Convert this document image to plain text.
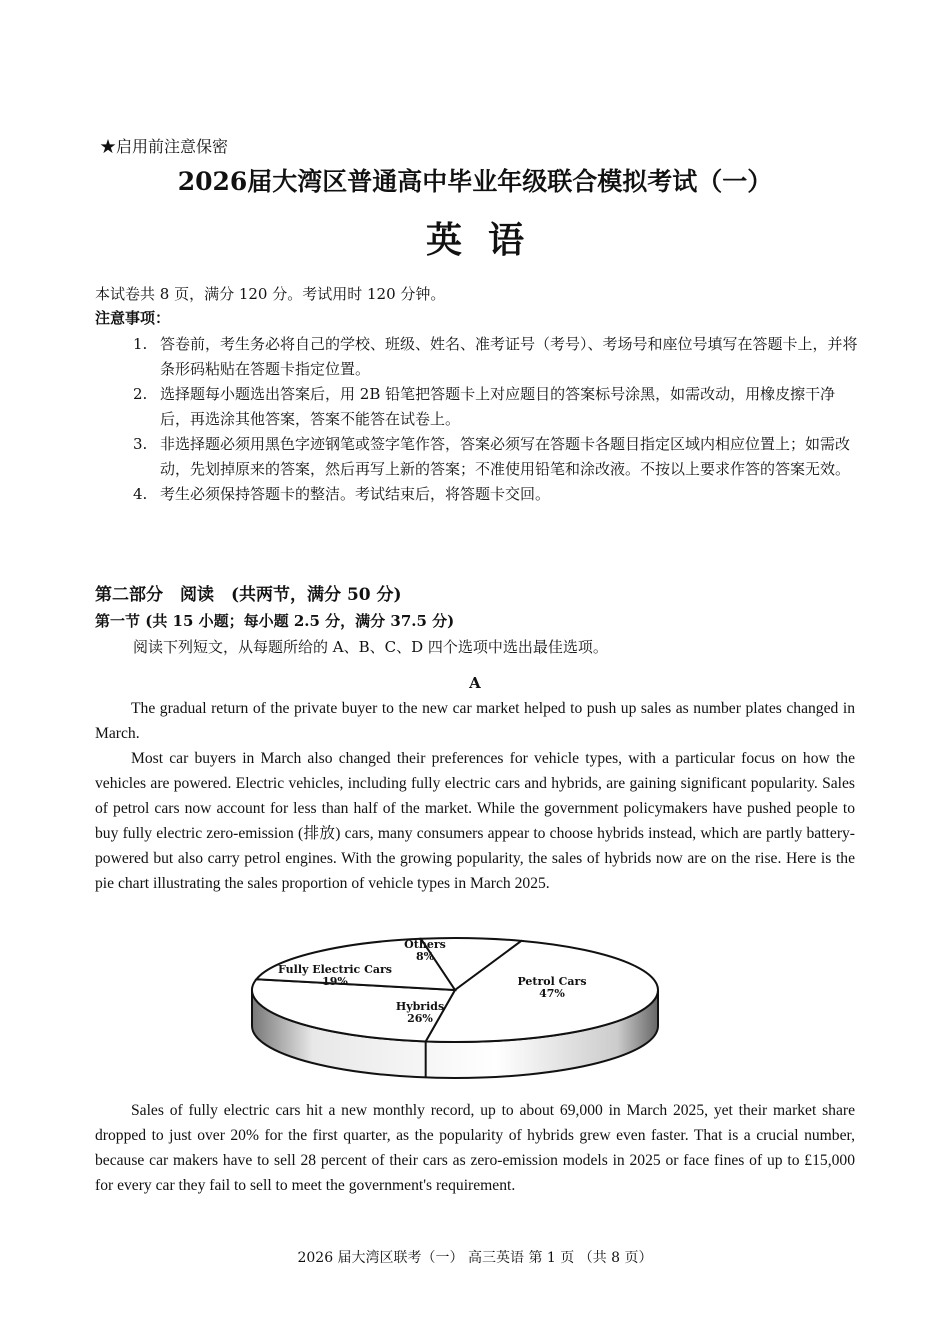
★启用前注意保密
2026届大湾区普通高中毕业年级联合模拟考试（一）
英语
本试卷共 8 页，满分 120 分。考试用时 120 分钟。
注意事项：
1. 答卷前，考生务必将自己的学校、班级、姓名、准考证号（考号）、考场号和座位号填写在答题卡上，并将条形码粘贴在答题卡指定位置。
2. 选择题每小题选出答案后，用 2B 铅笔把答题卡上对应题目的答案标号涂黑，如需改动，用橡皮擦干净后，再选涂其他答案，答案不能答在试卷上。
3. 非选择题必须用黑色字迹钢笔或签字笔作答，答案必须写在答题卡各题目指定区域内相应位置上；如需改动，先划掉原来的答案，然后再写上新的答案；不准使用铅笔和涂改液。不按以上要求作答的答案无效。
4. 考生必须保持答题卡的整洁。考试结束后，将答题卡交回。
第二部分　阅读　(共两节，满分 50 分)
第一节 (共 15 小题；每小题 2.5 分，满分 37.5 分)
阅读下列短文，从每题所给的 A、B、C、D 四个选项中选出最佳选项。
A

The gradual return of the private buyer to the new car market helped to push up sales as number plates changed in March.

Most car buyers in March also changed their preferences for vehicle types, with a particular focus on how the vehicles are powered. Electric vehicles, including fully electric cars and hybrids, are gaining significant popularity. Sales of petrol cars now account for less than half of the market. While the government policymakers have pushed people to buy fully electric zero-emission (排放) cars, many consumers appear to choose hybrids instead, which are partly battery-powered but also carry petrol engines. With the growing popularity, the sales of hybrids now are on the rise. Here is the pie chart illustrating the sales proportion of vehicle types in March 2025.

Petrol Cars
47%
Hybrids
26%
Fully Electric Cars
19%
Others
8%

Sales of fully electric cars hit a new monthly record, up to about 69,000 in March 2025, yet their market share dropped to just over 20% for the first quarter, as the popularity of hybrids grew even faster. That is a crucial number, because car makers have to sell 28 percent of their cars as zero-emission models in 2025 or face fines of up to £15,000 for every car they fail to sell to meet the government's requirement.

2026 届大湾区联考（一） 高三英语 第 1 页 （共 8 页）
